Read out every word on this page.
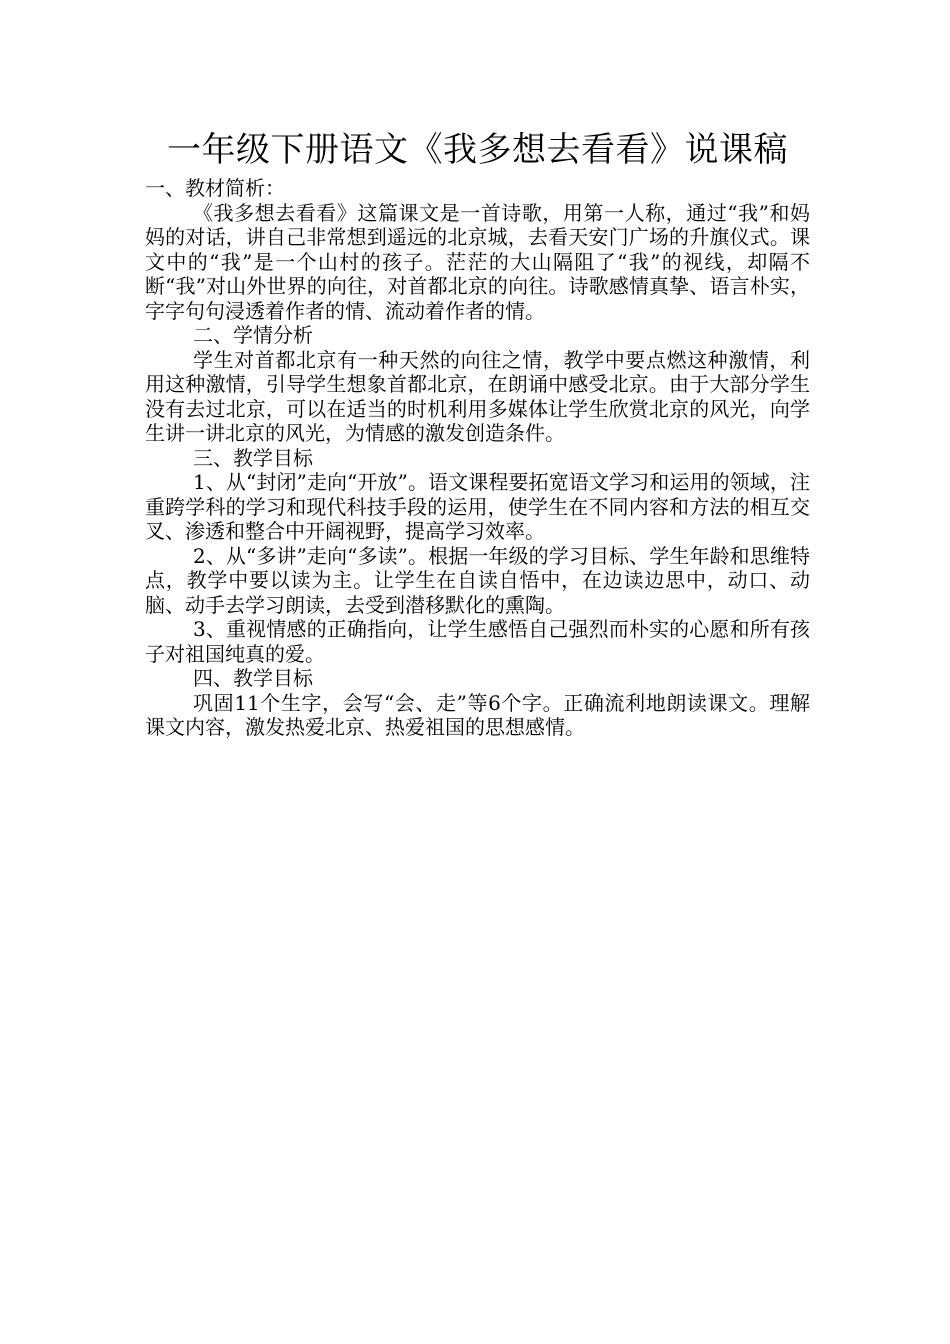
一年级下册语文《我多想去看看》说课稿
一、教材简析：

《我多想去看看》这篇课文是一首诗歌，用第一人称，通过“我”和妈妈的对话，讲自己非常想到遥远的北京城，去看天安门广场的升旗仪式。课文中的“我”是一个山村的孩子。茫茫的大山隔阻了“我”的视线，却隔不断“我”对山外世界的向往，对首都北京的向往。诗歌感情真挚、语言朴实，字字句句浸透着作者的情、流动着作者的情。

二、学情分析

学生对首都北京有一种天然的向往之情，教学中要点燃这种激情，利用这种激情，引导学生想象首都北京，在朗诵中感受北京。由于大部分学生没有去过北京，可以在适当的时机利用多媒体让学生欣赏北京的风光，向学生讲一讲北京的风光，为情感的激发创造条件。

三、教学目标

1、从“封闭”走向“开放”。语文课程要拓宽语文学习和运用的领域，注重跨学科的学习和现代科技手段的运用，使学生在不同内容和方法的相互交叉、渗透和整合中开阔视野，提高学习效率。

2、从“多讲”走向“多读”。根据一年级的学习目标、学生年龄和思维特点，教学中要以读为主。让学生在自读自悟中，在边读边思中，动口、动脑、动手去学习朗读，去受到潜移默化的熏陶。

3、重视情感的正确指向，让学生感悟自己强烈而朴实的心愿和所有孩子对祖国纯真的爱。

四、教学目标

巩固11个生字，会写“会、走”等6个字。正确流利地朗读课文。理解课文内容，激发热爱北京、热爱祖国的思想感情。
